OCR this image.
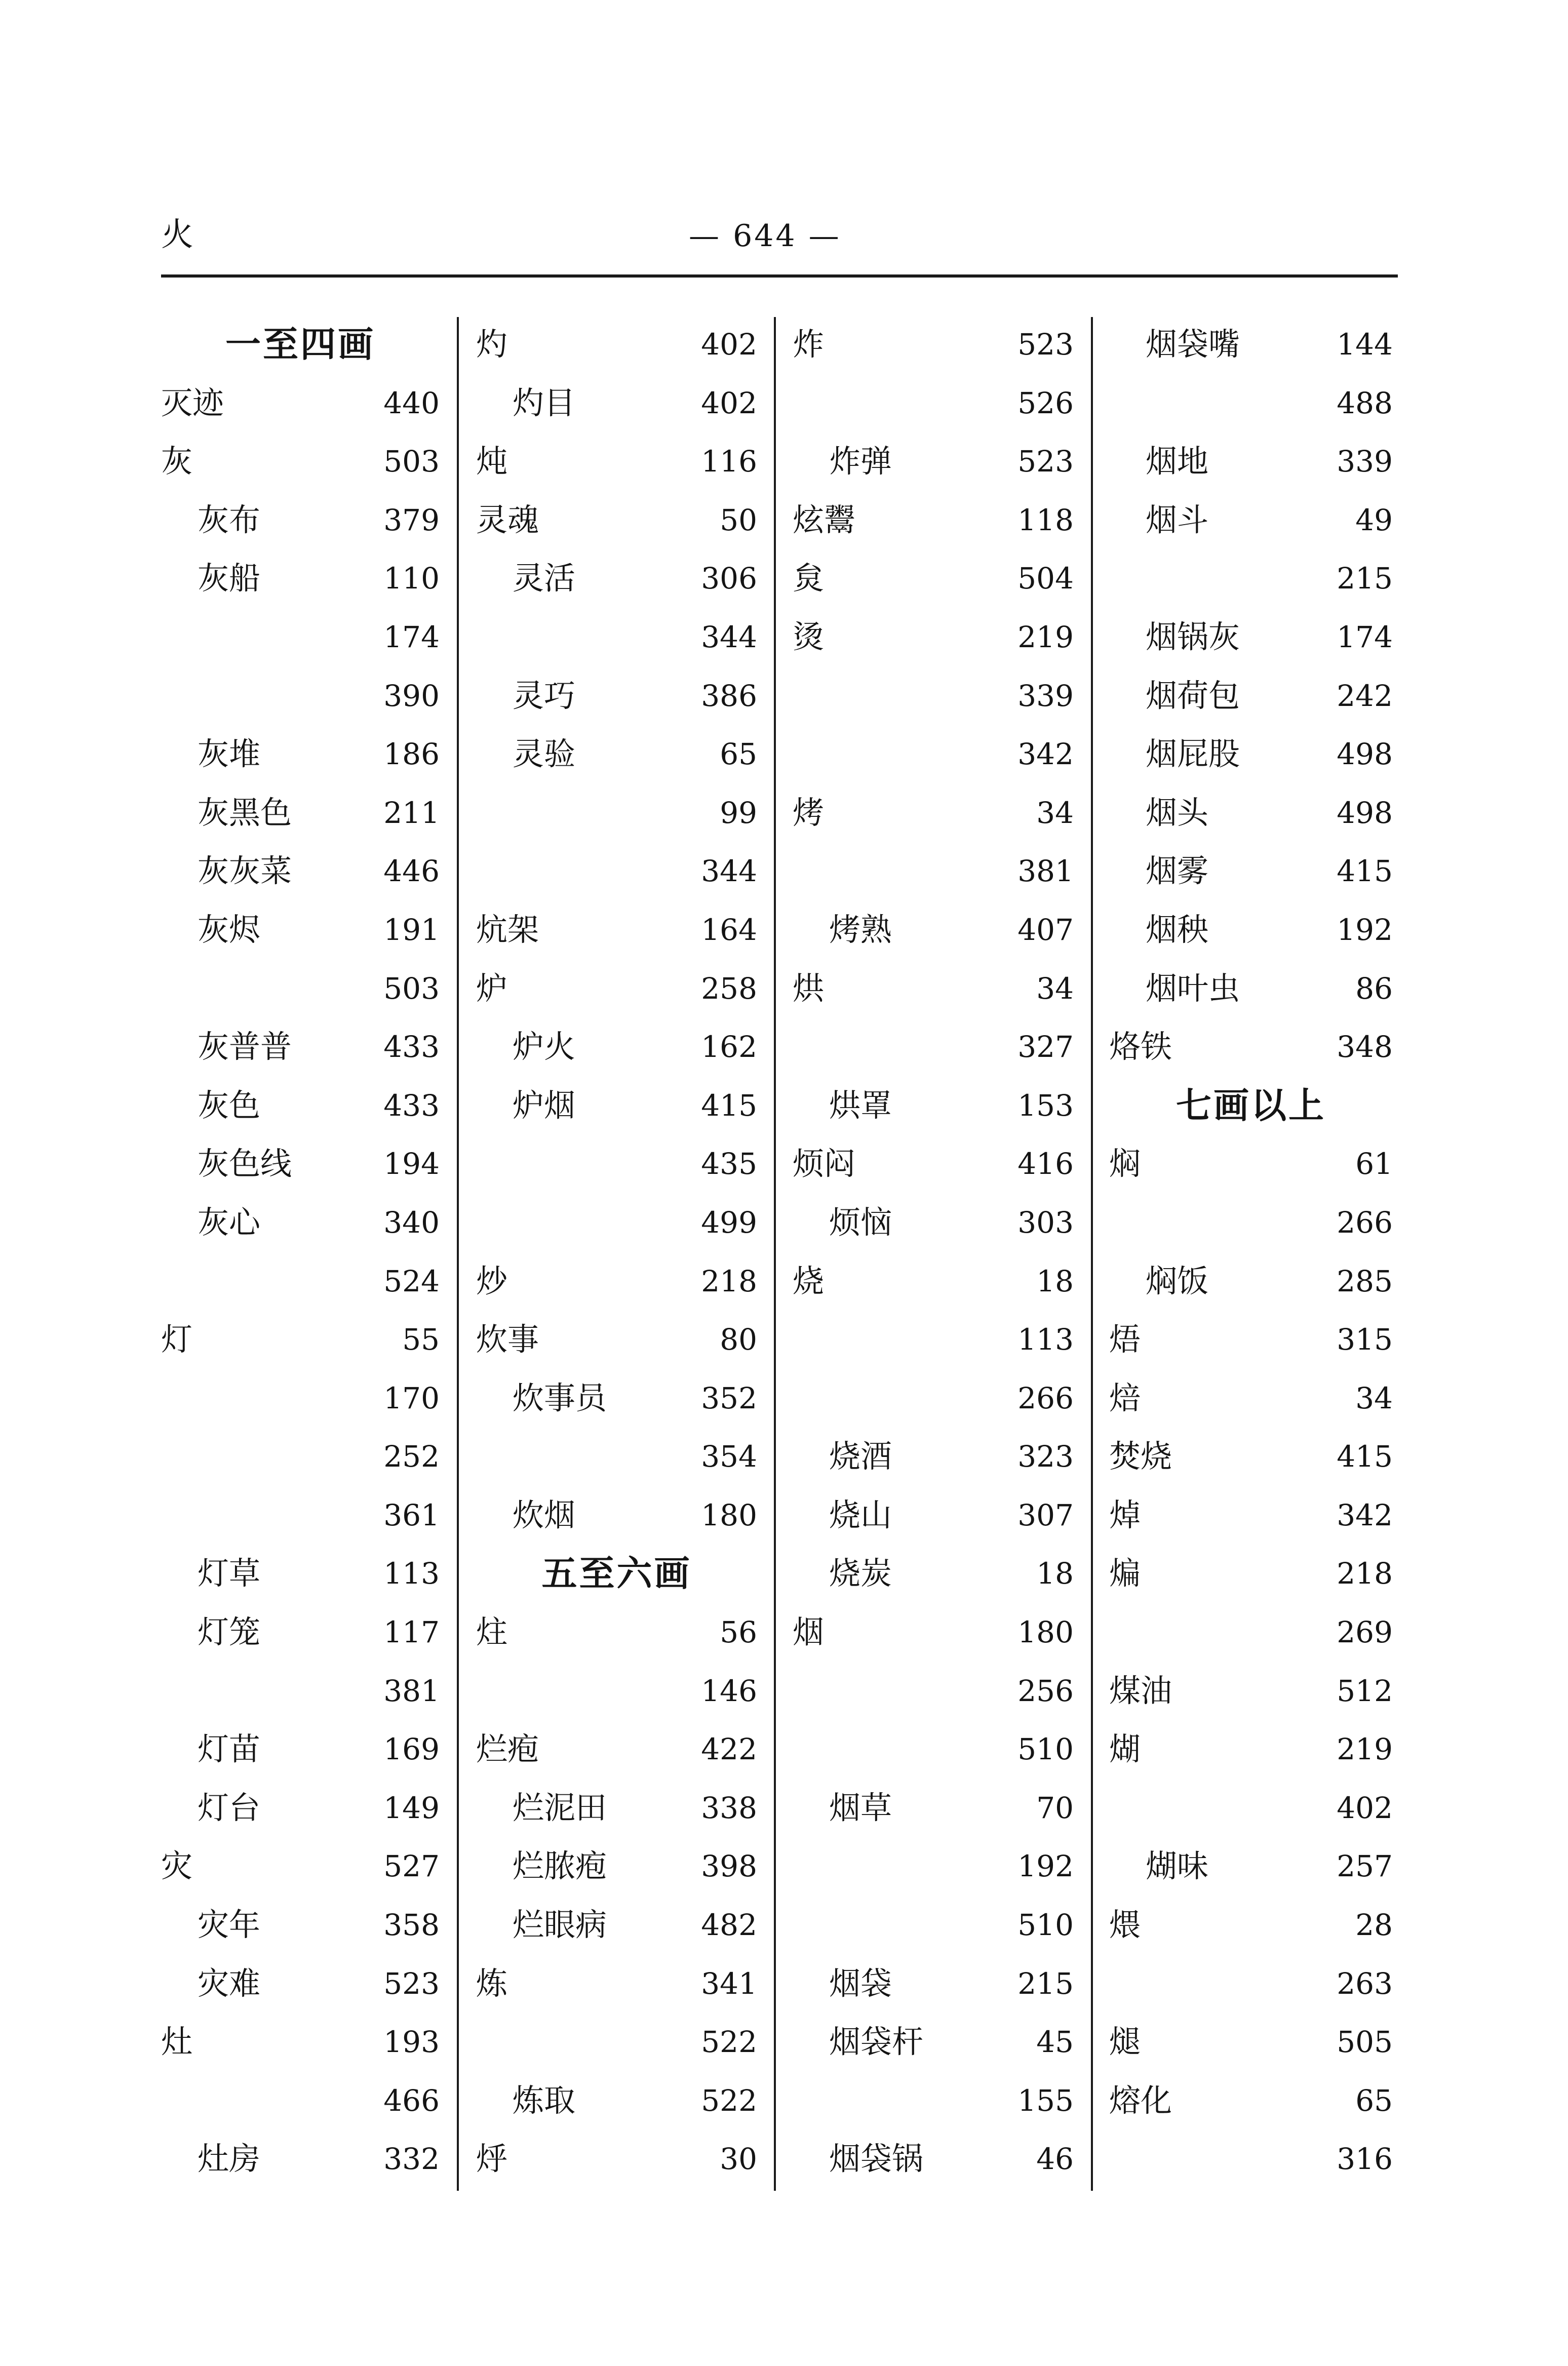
火	— 644 —
一至四画
灭迹	440
灰	503
灰布	379
灰船	110
174
390
灰堆	186
灰黑色	211
灰灰菜	446
灰烬	191
503
灰普普	433
灰色	433
灰色线	194
灰心	340
524
灯	55
170
252
361
灯草	113
灯笼	117
381
灯苗	169
灯台	149
灾	527
灾年	358
灾难	523
灶	193
466
灶房	332
灼	402
灼目	402
炖	116
灵魂	50
灵活	306
344
灵巧	386
灵验	65
99
344
炕架	164
炉	258
炉火	162
炉烟	415
435
499
炒	218
炊事	80
炊事员	352
354
炊烟	180
五至六画
炷	56
146
烂疱	422
烂泥田	338
烂脓疱	398
烂眼病	482
炼	341
522
炼取	522
烀	30
炸	523
526
炸弹	523
炫鬻	118
炱	504
烫	219
339
342
烤	34
381
烤熟	407
烘	34
327
烘罩	153
烦闷	416
烦恼	303
烧	18
113
266
烧酒	323
烧山	307
烧炭	18
烟	180
256
510
烟草	70
192
510
烟袋	215
烟袋杆	45
155
烟袋锅	46
烟袋嘴	144
488
烟地	339
烟斗	49
215
烟锅灰	174
烟荷包	242
烟屁股	498
烟头	498
烟雾	415
烟秧	192
烟叶虫	86
烙铁	348
七画以上
焖	61
266
焖饭	285
焐	315
焙	34
焚烧	415
焯	342
煸	218
269
煤油	512
煳	219
402
煳味	257
煨	28
263
煺	505
熔化	65
316
